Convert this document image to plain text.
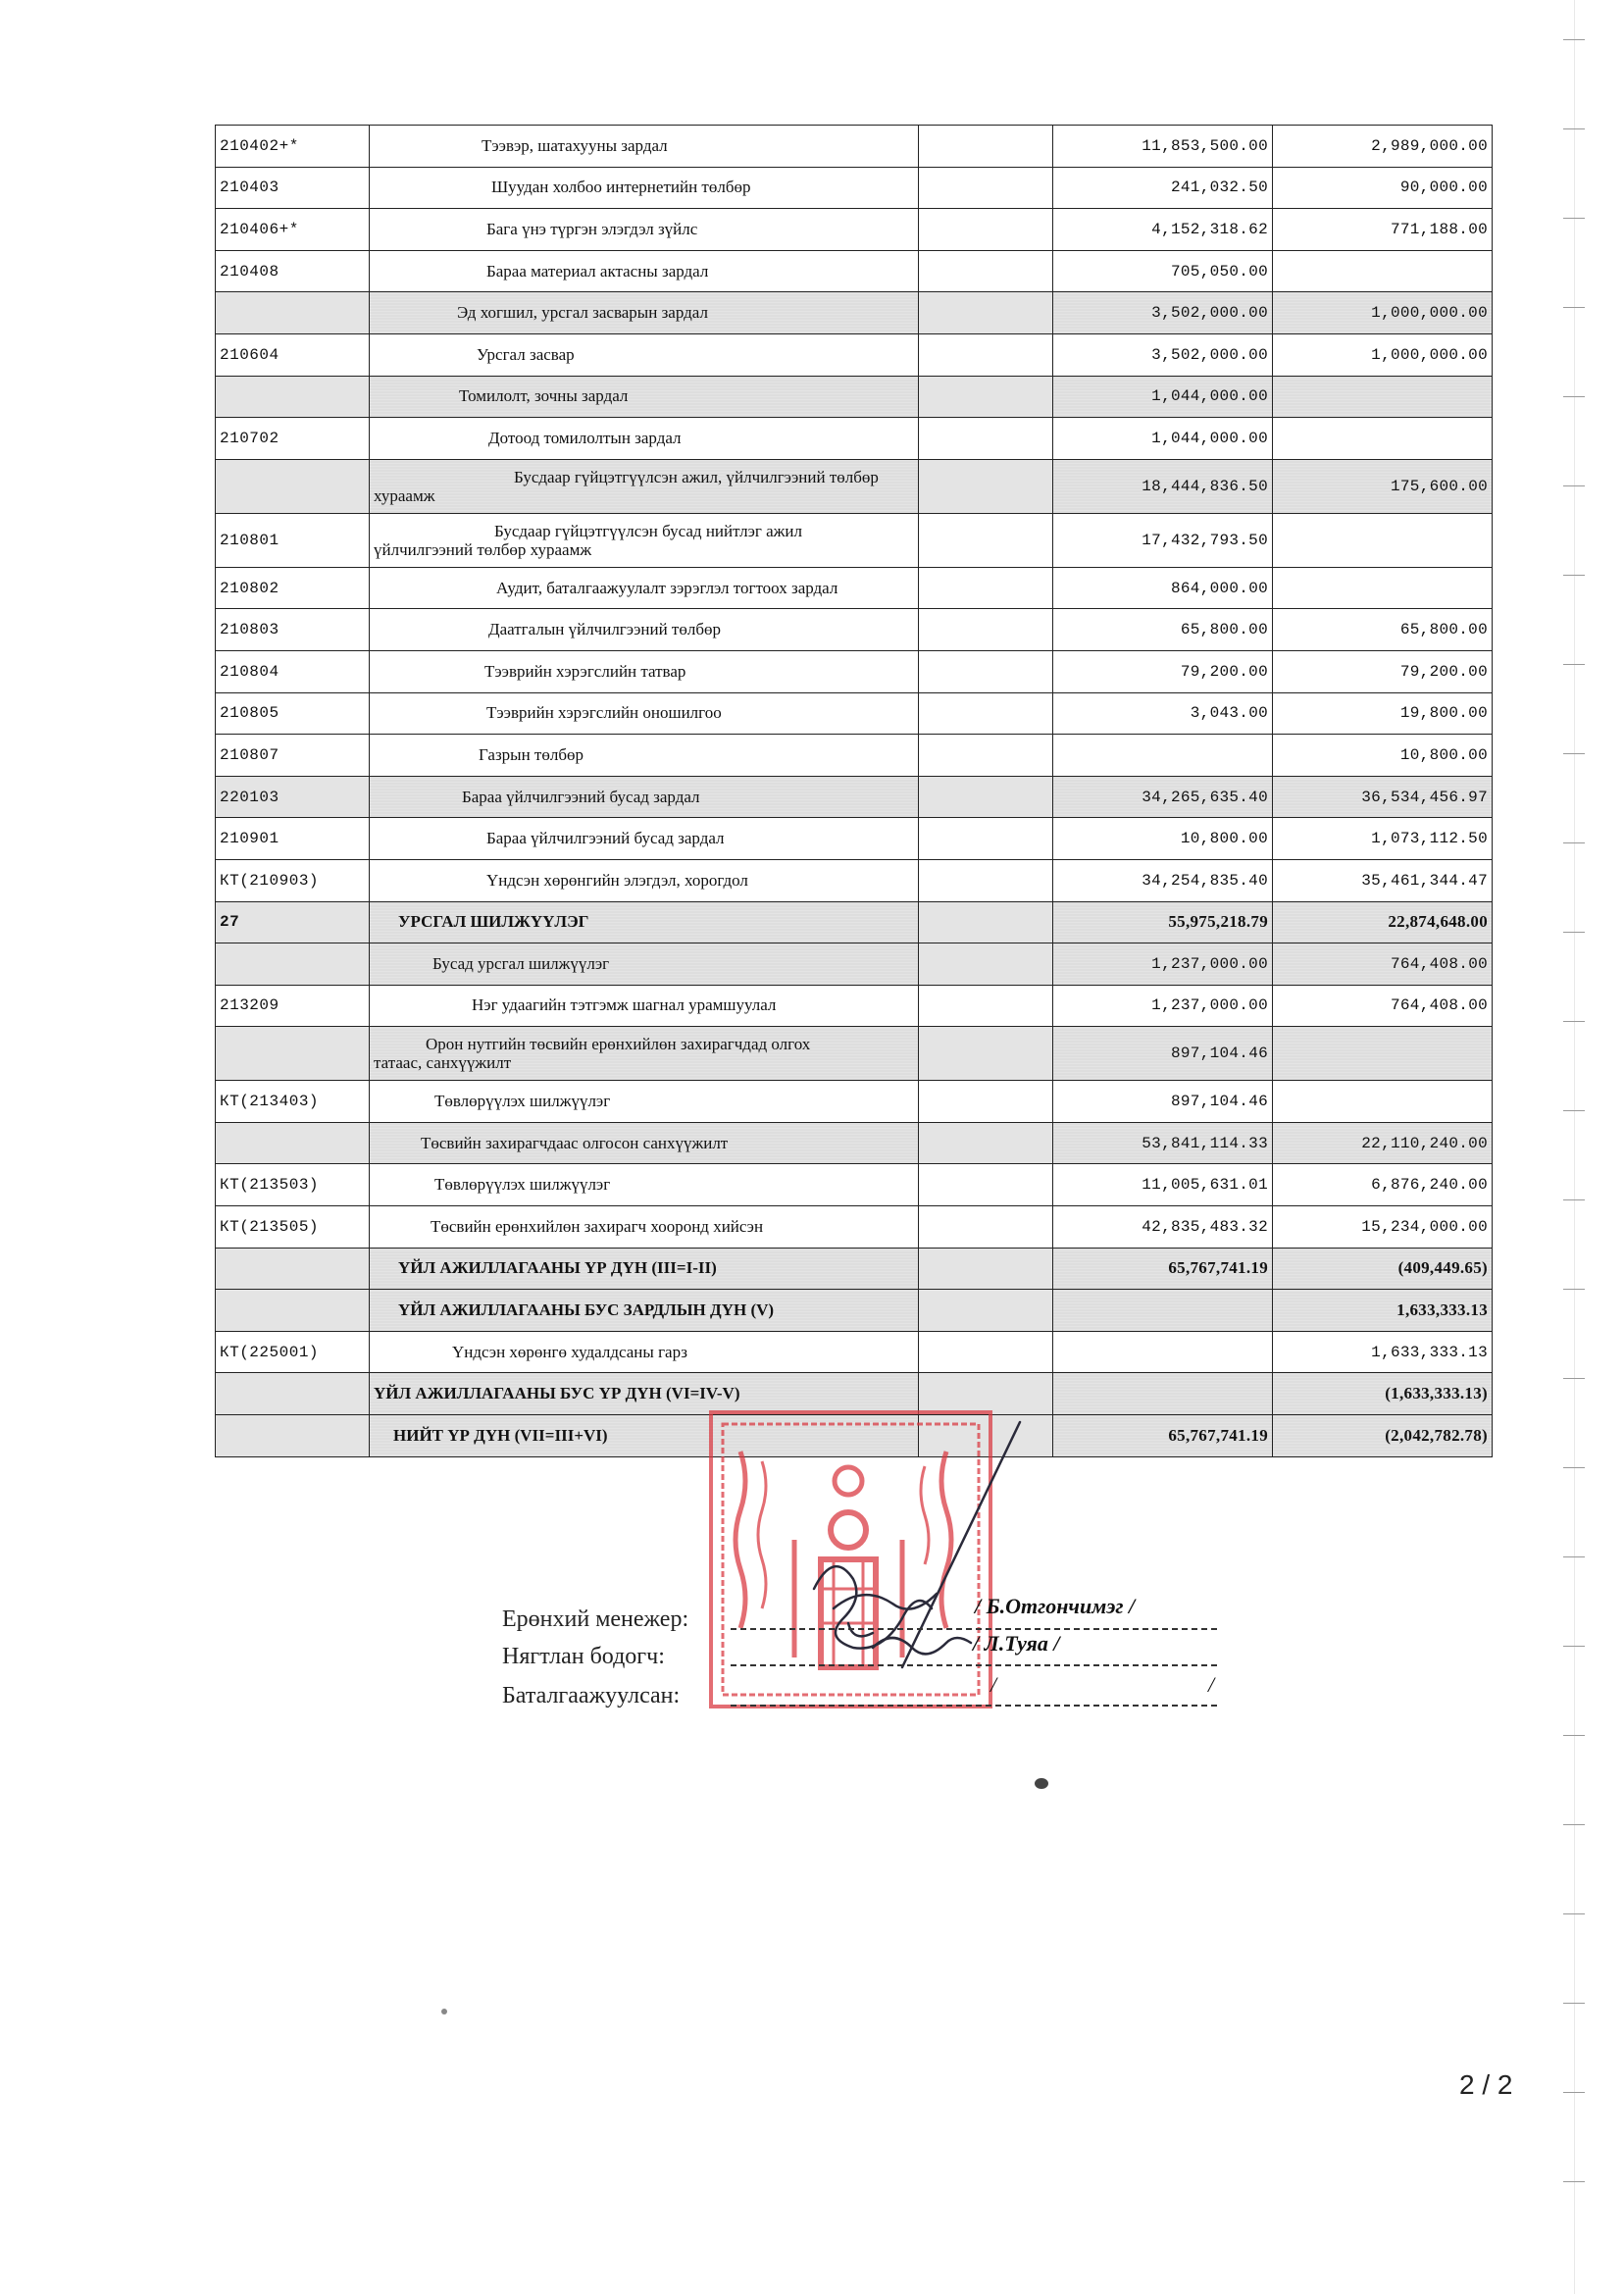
210402+*	Тээвэр, шатахууны зардал		11,853,500.00	2,989,000.00
210403	Шуудан холбоо интернетийн төлбөр		241,032.50	90,000.00
210406+*	Бага үнэ түргэн элэгдэл зүйлс		4,152,318.62	771,188.00
210408	Бараа материал актасны зардал		705,050.00	
	Эд хогшил, урсгал засварын зардал		3,502,000.00	1,000,000.00
210604	Урсгал засвар		3,502,000.00	1,000,000.00
	Томилолт, зочны зардал		1,044,000.00	
210702	Дотоод томилолтын зардал		1,044,000.00	

	Бусдаар гүйцэтгүүлсэн ажил, үйлчилгээний төлбөр
хураамж		18,444,836.50	175,600.00
210801	Бусдаар гүйцэтгүүлсэн бусад нийтлэг ажил
үйлчилгээний төлбөр хураамж		17,432,793.50	
210802	Аудит, баталгаажуулалт зэрэглэл тогтоох зардал		864,000.00	
210803	Даатгалын үйлчилгээний төлбөр		65,800.00	65,800.00
210804	Тээврийн хэрэгслийн татвар		79,200.00	79,200.00
210805	Тээврийн хэрэгслийн оношилгоо		3,043.00	19,800.00
210807	Газрын төлбөр			10,800.00
220103	Бараа үйлчилгээний бусад зардал		34,265,635.40	36,534,456.97
210901	Бараа үйлчилгээний бусад зардал		10,800.00	1,073,112.50
КТ(210903)	Үндсэн хөрөнгийн элэгдэл, хорогдол		34,254,835.40	35,461,344.47
27	УРСГАЛ ШИЛЖҮҮЛЭГ		55,975,218.79	22,874,648.00
	Бусад урсгал шилжүүлэг		1,237,000.00	764,408.00
213209	Нэг удаагийн тэтгэмж шагнал урамшуулал		1,237,000.00	764,408.00

	Орон нутгийн төсвийн ерөнхийлөн захирагчдад олгох
татаас, санхүүжилт		897,104.46	
КТ(213403)	Төвлөрүүлэх шилжүүлэг		897,104.46	
	Төсвийн захирагчдаас олгосон санхүүжилт		53,841,114.33	22,110,240.00
КТ(213503)	Төвлөрүүлэх шилжүүлэг		11,005,631.01	6,876,240.00
КТ(213505)	Төсвийн ерөнхийлөн захирагч хооронд хийсэн		42,835,483.32	15,234,000.00
	ҮЙЛ АЖИЛЛАГААНЫ ҮР ДҮН (III=I-II)		65,767,741.19	(409,449.65)
	ҮЙЛ АЖИЛЛАГААНЫ БУС ЗАРДЛЫН ДҮН (V)			1,633,333.13
КТ(225001)	Үндсэн хөрөнгө худалдсаны гарз			1,633,333.13
	ҮЙЛ АЖИЛЛАГААНЫ БУС ҮР ДҮН (VI=IV-V)			(1,633,333.13)
	НИЙТ ҮР ДҮН (VII=III+VI)		65,767,741.19	(2,042,782.78)
Ерөнхий менежер:
Нягтлан бодогч:
Баталгаажуулсан:
/ Б.Отгончимэг /
/ Л.Туяа /
/	/
2 / 2
